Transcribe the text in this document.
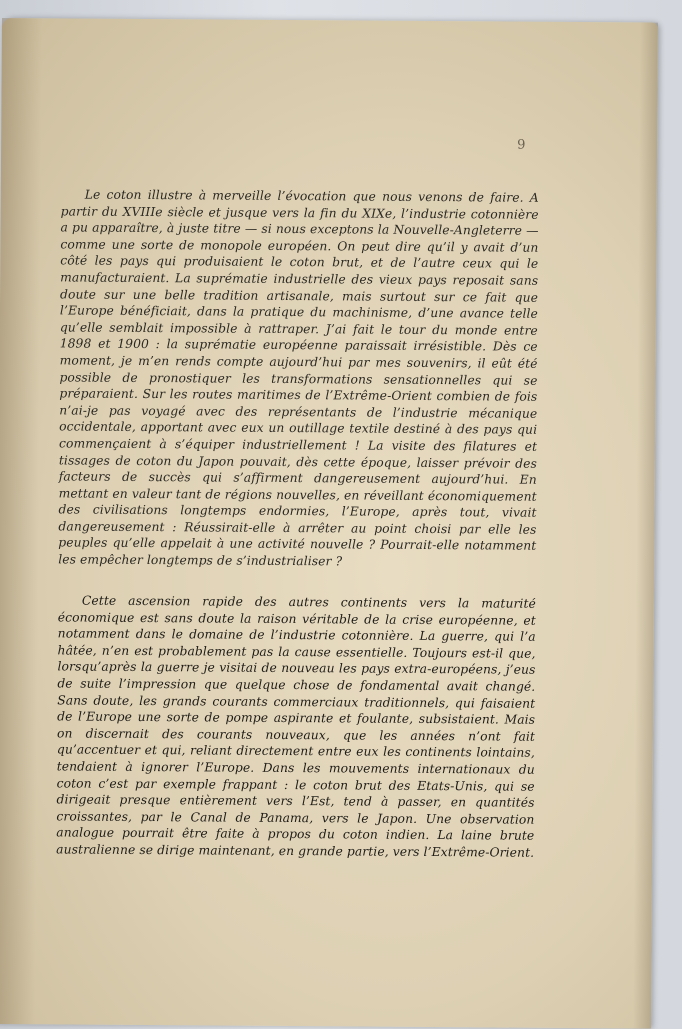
9

Le coton illustre à merveille l’évocation que nous venons de faire. A partir du XVIIIe siècle et jusque vers la fin du XIXe, l’industrie cotonnière a pu apparaître, à juste titre — si nous exceptons la Nouvelle-Angleterre — comme une sorte de monopole européen. On peut dire qu’il y avait d’un côté les pays qui produisaient le coton brut, et de l’autre ceux qui le manufacturaient. La suprématie industrielle des vieux pays reposait sans doute sur une belle tradition artisanale, mais surtout sur ce fait que l’Europe bénéficiait, dans la pratique du machinisme, d’une avance telle qu’elle semblait impossible à rattraper. J’ai fait le tour du monde entre 1898 et 1900 : la suprématie européenne paraissait irrésistible. Dès ce moment, je m’en rends compte aujourd’hui par mes souvenirs, il eût été possible de pronostiquer les transformations sensationnelles qui se préparaient. Sur les routes maritimes de l’Extrême-Orient combien de fois n’ai-je pas voyagé avec des représentants de l’industrie mécanique occidentale, apportant avec eux un outillage textile destiné à des pays qui commençaient à s’équiper industriellement ! La visite des filatures et tissages de coton du Japon pouvait, dès cette époque, laisser prévoir des facteurs de succès qui s’affirment dangereusement aujourd’hui. En mettant en valeur tant de régions nouvelles, en réveillant économiquement des civilisations longtemps endormies, l’Europe, après tout, vivait dangereusement : Réussirait-elle à arrêter au point choisi par elle les peuples qu’elle appelait à une activité nouvelle ? Pourrait-elle notamment les empêcher longtemps de s’industrialiser ?

Cette ascension rapide des autres continents vers la maturité économique est sans doute la raison véritable de la crise européenne, et notamment dans le domaine de l’industrie cotonnière. La guerre, qui l’a hâtée, n’en est probablement pas la cause essentielle. Toujours est-il que, lorsqu’après la guerre je visitai de nouveau les pays extra-européens, j’eus de suite l’impression que quelque chose de fondamental avait changé. Sans doute, les grands courants commerciaux traditionnels, qui faisaient de l’Europe une sorte de pompe aspirante et foulante, subsistaient. Mais on discernait des courants nouveaux, que les années n’ont fait qu’accentuer et qui, reliant directement entre eux les continents lointains, tendaient à ignorer l’Europe. Dans les mouvements internationaux du coton c’est par exemple frappant : le coton brut des Etats-Unis, qui se dirigeait presque entièrement vers l’Est, tend à passer, en quantités croissantes, par le Canal de Panama, vers le Japon. Une observation analogue pourrait être faite à propos du coton indien. La laine brute australienne se dirige maintenant, en grande partie, vers l’Extrême-Orient.
